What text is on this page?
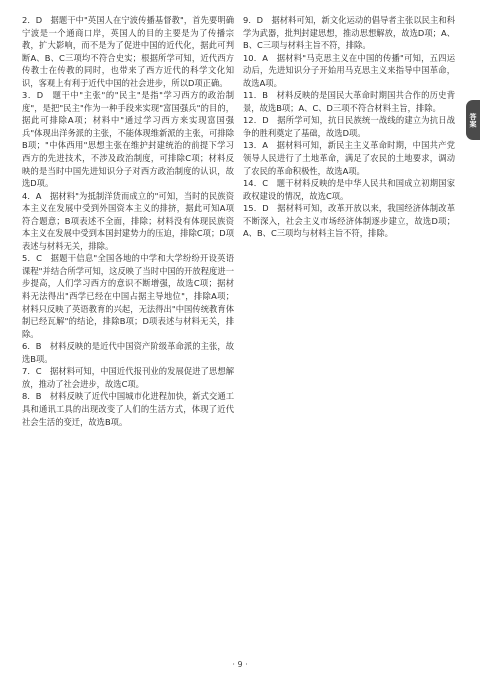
2．D　据题干中"英国人在宁波传播基督教"，首先要明确宁波是一个通商口岸，英国人的目的主要是为了传播宗教，扩大影响，而不是为了促进中国的近代化，据此可判断A、B、C三项均不符合史实；根据所学可知，近代西方传教士在传教的同时，也带来了西方近代的科学文化知识，客观上有利于近代中国的社会进步，所以D项正确。

3．D　题干中"主张"的"民主"是指"学习西方的政治制度"，是把"民主"作为一种手段来实现"富国强兵"的目的，据此可排除A项；材料中"通过学习西方来实现富国强兵"体现出洋务派的主张，不能体现维新派的主张，可排除B项；"中体西用"思想主张在维护封建统治的前提下学习西方的先进技术，不涉及政治制度，可排除C项；材料反映的是当时中国先进知识分子对西方政治制度的认识，故选D项。

4．A　据材料"为抵制洋货而成立的"可知，当时的民族资本主义在发展中受到外国资本主义的排挤，据此可知A项符合题意；B项表述不全面，排除；材料没有体现民族资本主义在发展中受到本国封建势力的压迫，排除C项；D项表述与材料无关，排除。

5．C　据题干信息"全国各地的中学和大学纷纷开设英语课程"并结合所学可知，这反映了当时中国的开放程度进一步提高，人们学习西方的意识不断增强，故选C项；据材料无法得出"西学已经在中国占据主导地位"，排除A项；材料只反映了英语教育的兴起，无法得出"中国传统教育体制已经瓦解"的结论，排除B项；D项表述与材料无关，排除。

6．B　材料反映的是近代中国资产阶级革命派的主张，故选B项。

7．C　据材料可知，中国近代报刊业的发展促进了思想解放，推动了社会进步，故选C项。

8．B　材料反映了近代中国城市化进程加快，新式交通工具和通讯工具的出现改变了人们的生活方式，体现了近代社会生活的变迁，故选B项。

9．D　据材料可知，新文化运动的倡导者主张以民主和科学为武器，批判封建思想，推动思想解放，故选D项；A、B、C三项与材料主旨不符，排除。

10．A　据材料"马克思主义在中国的传播"可知，五四运动后，先进知识分子开始用马克思主义来指导中国革命，故选A项。

11．B　材料反映的是国民大革命时期国共合作的历史背景，故选B项；A、C、D三项不符合材料主旨，排除。

12．D　据所学可知，抗日民族统一战线的建立为抗日战争的胜利奠定了基础，故选D项。

13．A　据材料可知，新民主主义革命时期，中国共产党领导人民进行了土地革命，满足了农民的土地要求，调动了农民的革命积极性，故选A项。

14．C　题干材料反映的是中华人民共和国成立初期国家政权建设的情况，故选C项。

15．D　据材料可知，改革开放以来，我国经济体制改革不断深入，社会主义市场经济体制逐步建立，故选D项；A、B、C三项均与材料主旨不符，排除。

答案
· 9 ·
